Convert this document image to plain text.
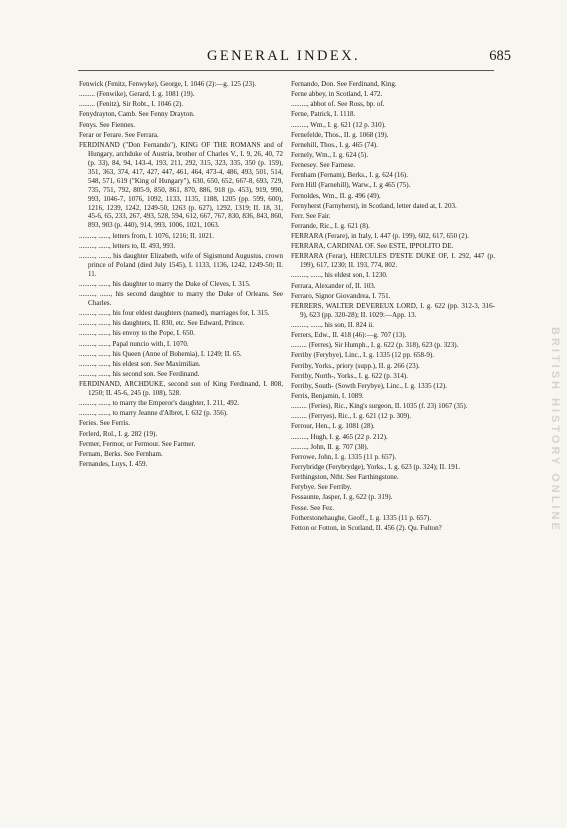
GENERAL INDEX.	685

Fenwick (Fenitz, Fenwyke), George, I. 1046 (2):—g. 125 (23).

......... (Fenwike), Gerard, I. g. 1081 (19).

......... (Fenitz), Sir Robt., I. 1046 (2).

Fenydrayton, Camb. See Fenny Drayton.

Fenys. See Fiennes.

Ferar or Ferare. See Ferrara.

FERDINAND ("Don Fernando"), KING OF THE ROMANS and of Hungary, archduke of Austria, brother of Charles V., I. 9, 26, 40, 72 (p. 33), 84, 94, 143-4, 193, 211, 292, 315, 323, 335, 350 (p. 159), 351, 363, 374, 417, 427, 447, 461, 464, 473-4, 486, 493, 501, 514, 548, 571, 619 ("King of Hungary"), 630, 650, 652, 667-8, 693, 729, 735, 751, 792, 805-9, 850, 861, 870, 886, 918 (p. 453), 919, 990, 993, 1046-7, 1076, 1092, 1133, 1135, 1188, 1205 (pp. 599, 600), 1216, 1239, 1242, 1249-50, 1263 (p. 627), 1292, 1319; II. 18, 31, 45-6, 65, 233, 267, 493, 528, 594, 612, 667, 767, 830, 836, 843, 860, 893, 903 (p. 440), 914, 993, 1006, 1021, 1063.

........., ......, letters from, I. 1076, 1216; II. 1021.

........., ......, letters to, II. 493, 993.

........., ......, his daughter Elizabeth, wife of Sigismund Augustus, crown prince of Poland (died July 1545), I. 1133, 1136, 1242, 1249-50; II. 11.

........., ......, his daughter to marry the Duke of Cleves, I. 315.

........., ......, his second daughter to marry the Duke of Orleans. See Charles.

........., ......, his four eldest daughters (named), marriages for, I. 315.

........., ......, his daughters, II. 830, etc. See Edward, Prince.

........., ......, his envoy to the Pope, I. 650.

........., ......, Papal nuncio with, I. 1070.

........., ......, his Queen (Anne of Bohemia), I. 1249; II. 65.

........., ......, his eldest son. See Maximilian.

........., ......, his second son. See Ferdinand.

FERDINAND, ARCHDUKE, second son of King Ferdinand, I. 808, 1250; II. 45-6, 245 (p. 108), 528.

........., ......, to marry the Emperor's daughter, I. 211, 492.

........., ......, to marry Jeanne d'Albret, I. 632 (p. 356).

Feries. See Ferris.

Ferlerd, Rol., I. g. 282 (19).

Fermer, Fermor, or Fermour. See Farmer.

Fernam, Berks. See Fernham.

Fernandes, Luys, I. 459.

Fernando, Don. See Ferdinand, King.

Ferne abbey, in Scotland, I. 472.

........., abbot of. See Ross, bp. of.

Ferne, Patrick, I. 1118.

........., Wm., I. g. 621 (12 p. 310).

Fernefelde, Thos., II. g. 1068 (19).

Fernehill, Thos., I. g. 465 (74).

Fernely, Wm., I. g. 624 (5).

Fernesey. See Farnese.

Fernham (Fernam), Berks., I. g. 624 (16).

Fern Hill (Farnehill), Warw., I. g 465 (75).

Fernoldes, Wm., II. g. 496 (49).

Fernyherst (Farnyherst), in Scotland, letter dated at, I. 203.

Ferr. See Fair.

Ferrande, Ric., I. g. 621 (8).

FERRARA (Ferare), in Italy, I. 447 (p. 199), 602, 617, 650 (2).

FERRARA, CARDINAL OF. See ESTE, IPPOLITO DE.

FERRARA (Ferar), HERCULES D'ESTE DUKE OF, I. 292, 447 (p. 199), 617, 1230; II. 193, 774, 802.

........., ......, his eldest son, I. 1230.

Ferrara, Alexander of, II. 103.

Ferraro, Signor Giovandrea, I. 751.

FERRERS, WALTER DEVEREUX LORD, I. g. 622 (pp. 312-3, 316-9), 623 (pp. 320-28); II. 1029:—App. 13.

........., ......, his son, II. 824 ii.

Ferrers, Edw., II. 418 (46):—g. 707 (13).

......... (Ferres), Sir Humph., I. g. 622 (p. 318), 623 (p. 323).

Ferriby (Ferybye), Linc., I. g. 1335 (12 pp. 658-9).

Ferriby, Yorks., priory (supp.), II. g. 266 (23).

Ferriby, North-, Yorks., I. g. 622 (p. 314).

Ferriby, South- (Sowth Ferybye), Linc., I. g. 1335 (12).

Ferris, Benjamin, I. 1089.

......... (Feries), Ric., King's surgeon, II. 1035 (f. 23) 1067 (35).

......... (Ferryes), Ric., I. g. 621 (12 p. 309).

Ferrour, Hen., I. g. 1081 (28).

........., Hugh, I. g. 465 (22 p. 212).

........., John, II. g. 707 (38).

Ferrowe, John, I. g. 1335 (11 p. 657).

Ferrybridge (Ferybrydge), Yorks., I. g. 623 (p. 324); II. 191.

Ferthingston, Ntht. See Farthingstone.

Ferybye. See Ferriby.

Fessaunte, Jasper, I. g. 622 (p. 319).

Fesse. See Fez.

Fotherstonehaughe, Geoff., I. g. 1335 (11 p. 657).

Fetton or Fotton, in Scotland, II. 456 (2). Qu. Fulton?	BRITISH HISTORY ONLINE
